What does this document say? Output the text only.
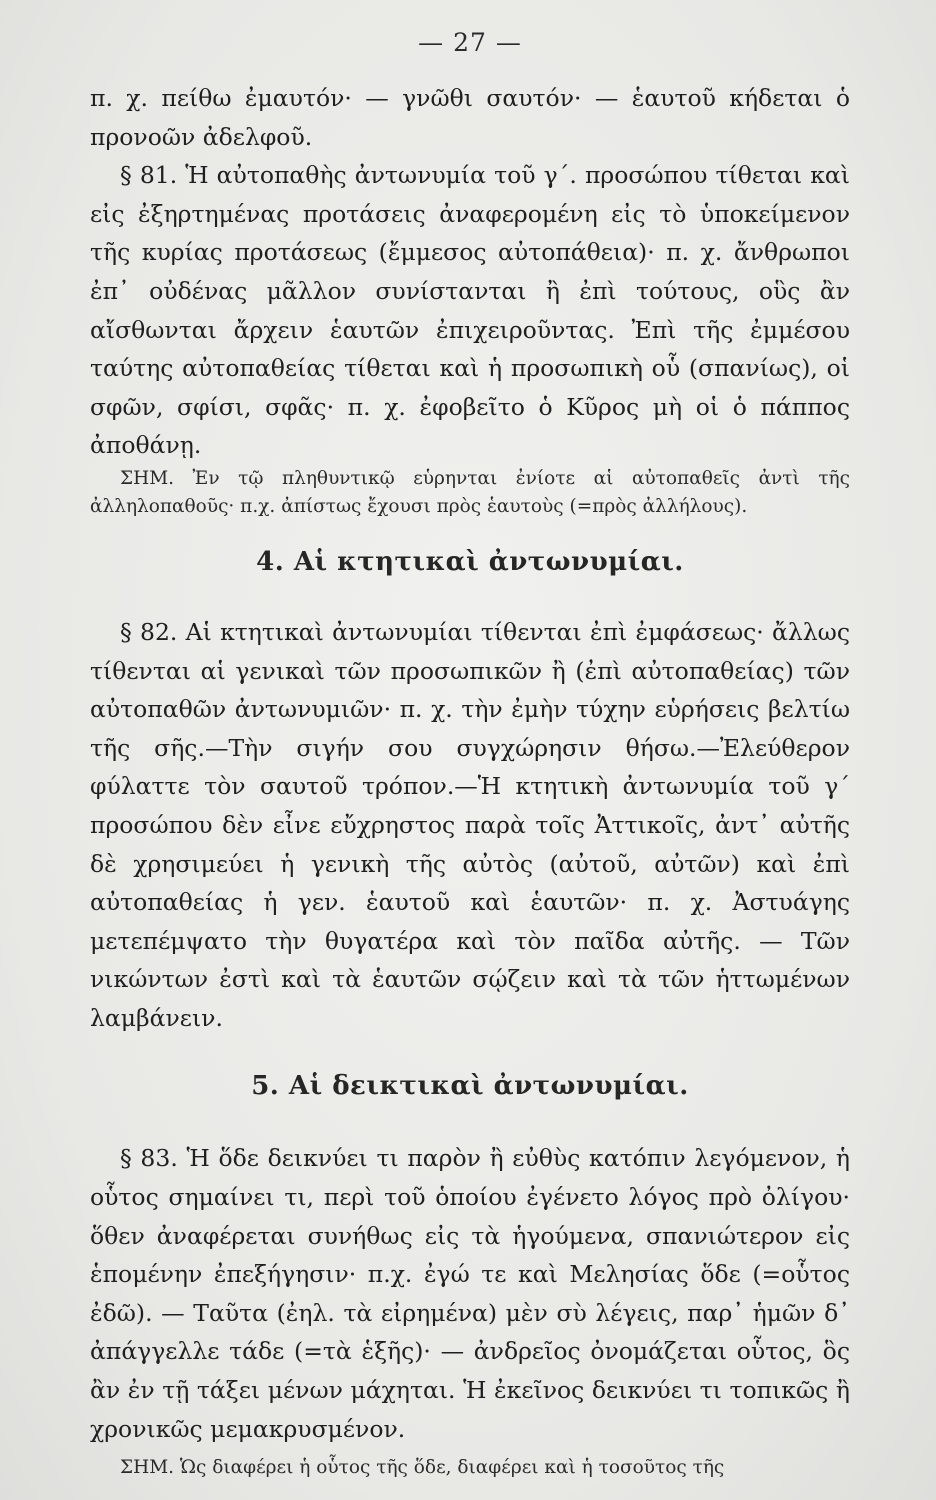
— 27 —

π. χ. πείθω ἐμαυτόν· — γνῶθι σαυτόν· — ἑαυτοῦ κήδεται ὁ προνοῶν ἀδελφοῦ.

§ 81. Ἡ αὐτοπαθὴς ἀντωνυμία τοῦ γ΄. προσώπου τίθεται καὶ εἰς ἐξηρτημένας προτάσεις ἀναφερομένη εἰς τὸ ὑποκείμενον τῆς κυρίας προτάσεως (ἔμμεσος αὐτοπάθεια)· π. χ. ἄνθρωποι ἐπ᾿ οὐδένας μᾶλλον συνίστανται ἢ ἐπὶ τούτους, οὓς ἂν αἴσθωνται ἄρχειν ἑαυτῶν ἐπιχειροῦντας. Ἐπὶ τῆς ἐμμέσου ταύτης αὐτοπαθείας τίθεται καὶ ἡ προσωπικὴ οὗ (σπανίως), οἱ σφῶν, σφίσι, σφᾶς· π. χ. ἐφοβεῖτο ὁ Κῦρος μὴ οἱ ὁ πάππος ἀποθάνῃ.

ΣΗΜ. Ἐν τῷ πληθυντικῷ εὑρηνται ἐνίοτε αἱ αὐτοπαθεῖς ἀντὶ τῆς ἀλληλοπαθοῦς· π.χ. ἀπίστως ἔχουσι πρὸς ἑαυτοὺς (=πρὸς ἀλλήλους).

4. Αἱ κτητικαὶ ἀντωνυμίαι.

§ 82. Αἱ κτητικαὶ ἀντωνυμίαι τίθενται ἐπὶ ἐμφάσεως· ἄλλως τίθενται αἱ γενικαὶ τῶν προσωπικῶν ἢ (ἐπὶ αὐτοπαθείας) τῶν αὐτοπαθῶν ἀντωνυμιῶν· π. χ. τὴν ἐμὴν τύχην εὑρήσεις βελτίω τῆς σῆς.—Τὴν σιγήν σου συγχώρησιν θήσω.—Ἐλεύθερον φύλαττε τὸν σαυτοῦ τρόπον.—Ἡ κτητικὴ ἀντωνυμία τοῦ γ΄ προσώπου δὲν εἶνε εὔχρηστος παρὰ τοῖς Ἀττικοῖς, ἀντ᾿ αὐτῆς δὲ χρησιμεύει ἡ γενικὴ τῆς αὐτὸς (αὐτοῦ, αὐτῶν) καὶ ἐπὶ αὐτοπαθείας ἡ γεν. ἑαυτοῦ καὶ ἑαυτῶν· π. χ. Ἀστυάγης μετεπέμψατο τὴν θυγατέρα καὶ τὸν παῖδα αὐτῆς. — Τῶν νικώντων ἐστὶ καὶ τὰ ἑαυτῶν σῴζειν καὶ τὰ τῶν ἡττωμένων λαμβάνειν.

5. Αἱ δεικτικαὶ ἀντωνυμίαι.

§ 83. Ἡ ὅδε δεικνύει τι παρὸν ἢ εὐθὺς κατόπιν λεγόμενον, ἡ οὗτος σημαίνει τι, περὶ τοῦ ὁποίου ἐγένετο λόγος πρὸ ὀλίγου· ὅθεν ἀναφέρεται συνήθως εἰς τὰ ἡγούμενα, σπανιώτερον εἰς ἑπομένην ἐπεξήγησιν· π.χ. ἐγώ τε καὶ Μελησίας ὅδε (=οὗτος ἐδῶ). — Ταῦτα (ἐηλ. τὰ εἰρημένα) μὲν σὺ λέγεις, παρ᾿ ἡμῶν δ᾿ ἀπάγγελλε τάδε (=τὰ ἑξῆς)· — ἀνδρεῖος ὀνομάζεται οὗτος, ὃς ἂν ἐν τῇ τάξει μένων μάχηται. Ἡ ἐκεῖνος δεικνύει τι τοπικῶς ἢ χρονικῶς μεμακρυσμένον.

ΣΗΜ. Ὡς διαφέρει ἡ οὗτος τῆς ὅδε, διαφέρει καὶ ἡ τοσοῦτος τῆς
